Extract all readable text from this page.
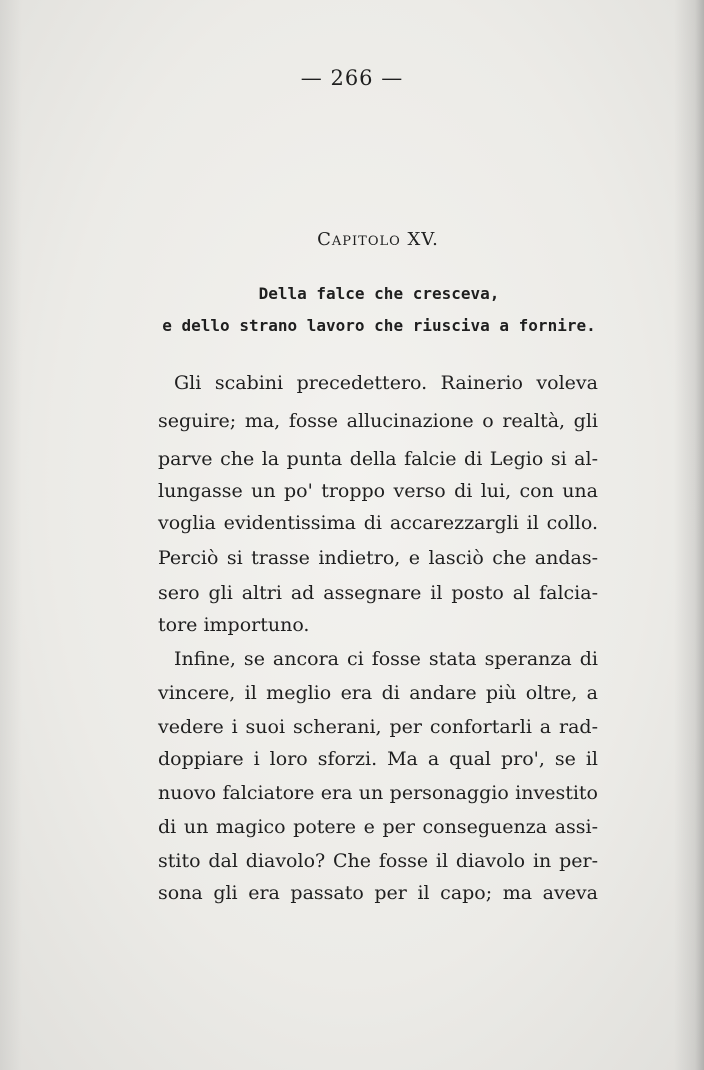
— 266 —
Capitolo XV.
Della falce che cresceva,
e dello strano lavoro che riusciva a fornire.
Gli scabini precedettero. Rainerio voleva
seguire; ma, fosse allucinazione o realtà, gli
parve che la punta della falcie di Legio si al-
lungasse un po' troppo verso di lui, con una
voglia evidentissima di accarezzargli il collo.
Perciò si trasse indietro, e lasciò che andas-
sero gli altri ad assegnare il posto al falcia-
tore importuno.
Infine, se ancora ci fosse stata speranza di
vincere, il meglio era di andare più oltre, a
vedere i suoi scherani, per confortarli a rad-
doppiare i loro sforzi. Ma a qual pro', se il
nuovo falciatore era un personaggio investito
di un magico potere e per conseguenza assi-
stito dal diavolo? Che fosse il diavolo in per-
sona gli era passato per il capo; ma aveva
